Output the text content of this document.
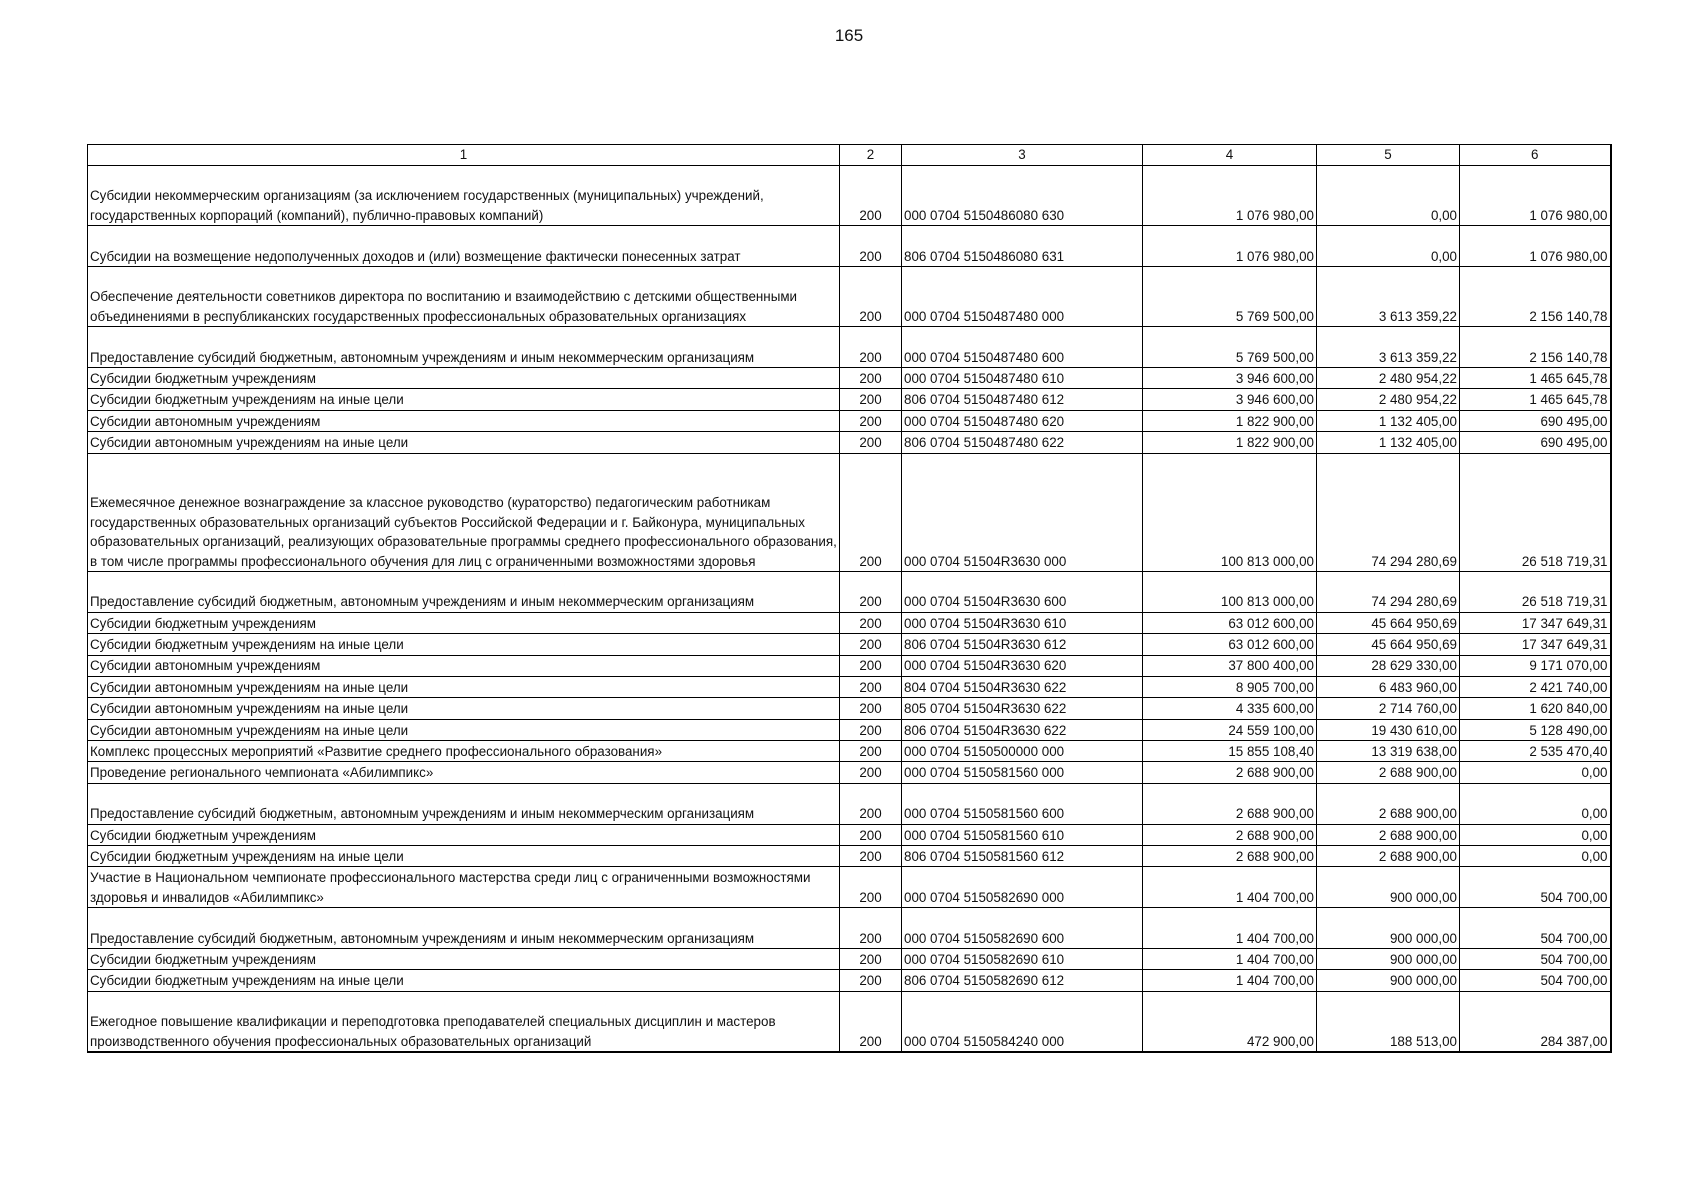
165
1	2	3	4	5	6
Субсидии некоммерческим организациям (за исключением государственных (муниципальных) учреждений, государственных корпораций (компаний), публично-правовых компаний)	200	000 0704 5150486080 630	1 076 980,00	0,00	1 076 980,00
Субсидии на возмещение недополученных доходов и (или) возмещение фактически понесенных затрат	200	806 0704 5150486080 631	1 076 980,00	0,00	1 076 980,00
Обеспечение деятельности советников директора по воспитанию и взаимодействию с детскими общественными объединениями в республиканских государственных профессиональных образовательных организациях	200	000 0704 5150487480 000	5 769 500,00	3 613 359,22	2 156 140,78
Предоставление субсидий бюджетным, автономным учреждениям и иным некоммерческим организациям	200	000 0704 5150487480 600	5 769 500,00	3 613 359,22	2 156 140,78
Субсидии бюджетным учреждениям	200	000 0704 5150487480 610	3 946 600,00	2 480 954,22	1 465 645,78
Субсидии бюджетным учреждениям на иные цели	200	806 0704 5150487480 612	3 946 600,00	2 480 954,22	1 465 645,78
Субсидии автономным учреждениям	200	000 0704 5150487480 620	1 822 900,00	1 132 405,00	690 495,00
Субсидии автономным учреждениям на иные цели	200	806 0704 5150487480 622	1 822 900,00	1 132 405,00	690 495,00
Ежемесячное денежное вознаграждение за классное руководство (кураторство) педагогическим работникам государственных образовательных организаций субъектов Российской Федерации и г. Байконура, муниципальных образовательных организаций, реализующих образовательные программы среднего профессионального образования, в том числе программы профессионального обучения для лиц с ограниченными возможностями здоровья	200	000 0704 51504R3630 000	100 813 000,00	74 294 280,69	26 518 719,31
Предоставление субсидий бюджетным, автономным учреждениям и иным некоммерческим организациям	200	000 0704 51504R3630 600	100 813 000,00	74 294 280,69	26 518 719,31
Субсидии бюджетным учреждениям	200	000 0704 51504R3630 610	63 012 600,00	45 664 950,69	17 347 649,31
Субсидии бюджетным учреждениям на иные цели	200	806 0704 51504R3630 612	63 012 600,00	45 664 950,69	17 347 649,31
Субсидии автономным учреждениям	200	000 0704 51504R3630 620	37 800 400,00	28 629 330,00	9 171 070,00
Субсидии автономным учреждениям на иные цели	200	804 0704 51504R3630 622	8 905 700,00	6 483 960,00	2 421 740,00
Субсидии автономным учреждениям на иные цели	200	805 0704 51504R3630 622	4 335 600,00	2 714 760,00	1 620 840,00
Субсидии автономным учреждениям на иные цели	200	806 0704 51504R3630 622	24 559 100,00	19 430 610,00	5 128 490,00
Комплекс процессных мероприятий «Развитие среднего профессионального образования»	200	000 0704 5150500000 000	15 855 108,40	13 319 638,00	2 535 470,40
Проведение регионального чемпионата «Абилимпикс»	200	000 0704 5150581560 000	2 688 900,00	2 688 900,00	0,00
Предоставление субсидий бюджетным, автономным учреждениям и иным некоммерческим организациям	200	000 0704 5150581560 600	2 688 900,00	2 688 900,00	0,00
Субсидии бюджетным учреждениям	200	000 0704 5150581560 610	2 688 900,00	2 688 900,00	0,00
Субсидии бюджетным учреждениям на иные цели	200	806 0704 5150581560 612	2 688 900,00	2 688 900,00	0,00
Участие в Национальном чемпионате профессионального мастерства среди лиц с ограниченными возможностями здоровья и инвалидов «Абилимпикс»	200	000 0704 5150582690 000	1 404 700,00	900 000,00	504 700,00
Предоставление субсидий бюджетным, автономным учреждениям и иным некоммерческим организациям	200	000 0704 5150582690 600	1 404 700,00	900 000,00	504 700,00
Субсидии бюджетным учреждениям	200	000 0704 5150582690 610	1 404 700,00	900 000,00	504 700,00
Субсидии бюджетным учреждениям на иные цели	200	806 0704 5150582690 612	1 404 700,00	900 000,00	504 700,00
Ежегодное повышение квалификации и переподготовка преподавателей специальных дисциплин и мастеров производственного обучения профессиональных образовательных организаций	200	000 0704 5150584240 000	472 900,00	188 513,00	284 387,00
